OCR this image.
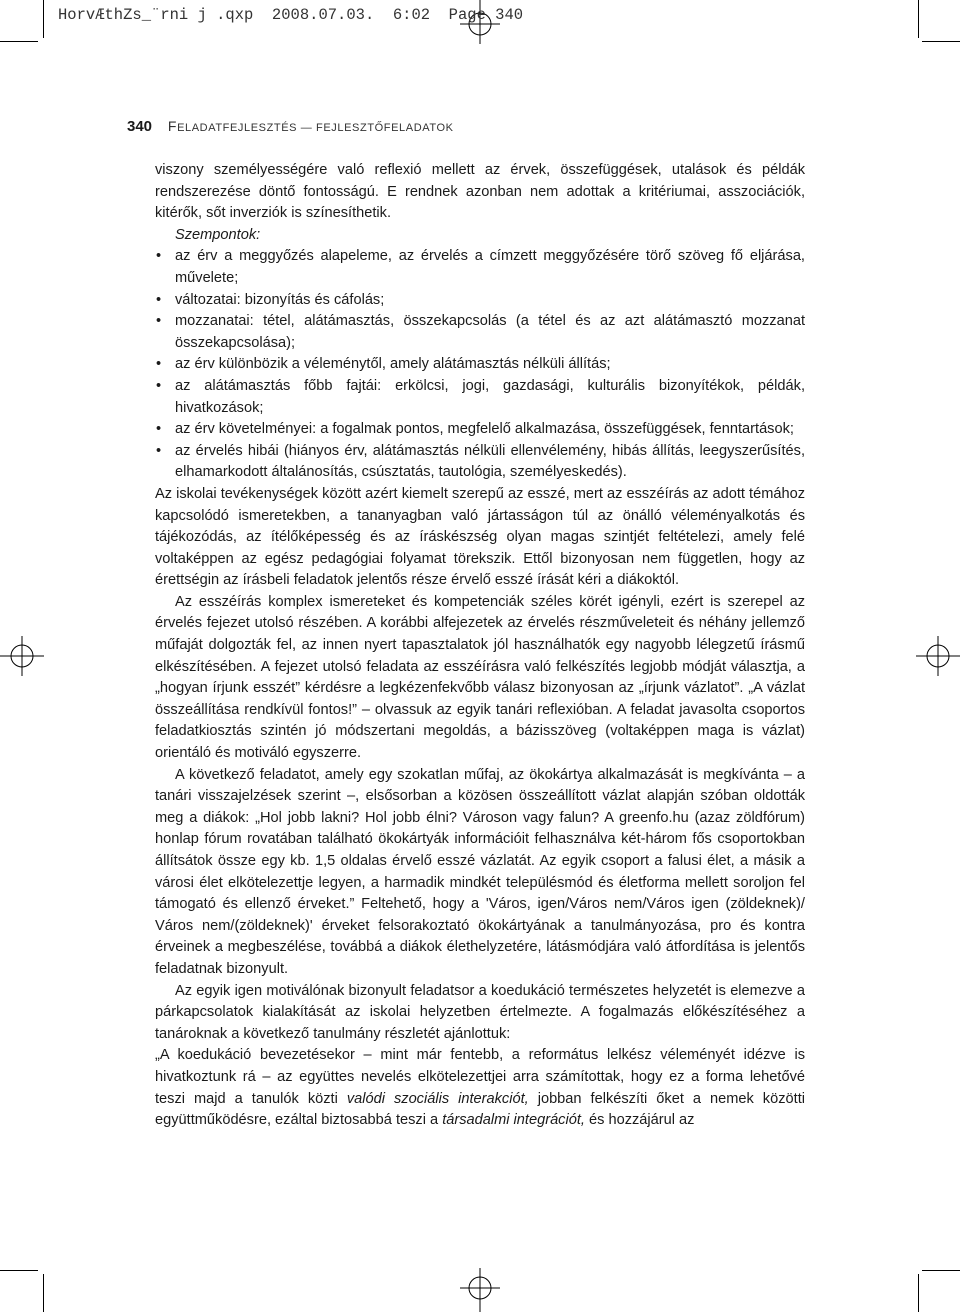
HorvÆthZs_¨rni j .qxp  2008.07.03.  6:02  Page 340
340 FELADATFEJLESZTÉS — FEJLESZTŐFELADATOK

viszony személyességére való reflexió mellett az érvek, összefüggések, utalások és példák rendszerezése döntő fontosságú. E rendnek azonban nem adottak a kritériumai, asszociációk, kitérők, sőt inverziók is színesíthetik.

Szempontok:

• az érv a meggyőzés alapeleme, az érvelés a címzett meggyőzésére törő szöveg fő eljárása, művelete;
• változatai: bizonyítás és cáfolás;
• mozzanatai: tétel, alátámasztás, összekapcsolás (a tétel és az azt alátámasztó mozzanat összekapcsolása);
• az érv különbözik a véleménytől, amely alátámasztás nélküli állítás;
• az alátámasztás főbb fajtái: erkölcsi, jogi, gazdasági, kulturális bizonyítékok, példák, hivatkozások;
• az érv követelményei: a fogalmak pontos, megfelelő alkalmazása, összefüggések, fenntartások;
• az érvelés hibái (hiányos érv, alátámasztás nélküli ellenvélemény, hibás állítás, leegyszerűsítés, elhamarkodott általánosítás, csúsztatás, tautológia, személyeskedés).

Az iskolai tevékenységek között azért kiemelt szerepű az esszé, mert az esszéírás az adott témához kapcsolódó ismeretekben, a tananyagban való jártasságon túl az önálló véleményalkotás és tájékozódás, az ítélőképesség és az íráskészség olyan magas szintjét feltételezi, amely felé voltaképpen az egész pedagógiai folyamat törekszik. Ettől bizonyosan nem független, hogy az érettségin az írásbeli feladatok jelentős része érvelő esszé írását kéri a diákoktól.

Az esszéírás komplex ismereteket és kompetenciák széles körét igényli, ezért is szerepel az érvelés fejezet utolsó részében. A korábbi alfejezetek az érvelés részműveleteit és néhány jellemző műfaját dolgozták fel, az innen nyert tapasztalatok jól használhatók egy nagyobb lélegzetű írásmű elkészítésében. A fejezet utolsó feladata az esszéírásra való felkészítés legjobb módját választja, a „hogyan írjunk esszét” kérdésre a legkézenfekvőbb válasz bizonyosan az „írjunk vázlatot”. „A vázlat összeállítása rendkívül fontos!” – olvassuk az egyik tanári reflexióban. A feladat javasolta csoportos feladatkiosztás szintén jó módszertani megoldás, a bázisszöveg (voltaképpen maga is vázlat) orientáló és motiváló egyszerre.

A következő feladatot, amely egy szokatlan műfaj, az ökokártya alkalmazását is megkívánta – a tanári visszajelzések szerint –, elsősorban a közösen összeállított vázlat alapján szóban oldották meg a diákok: „Hol jobb lakni? Hol jobb élni? Városon vagy falun? A greenfo.hu (azaz zöldfórum) honlap fórum rovatában található ökokártyák információit felhasználva két-három fős csoportokban állítsátok össze egy kb. 1,5 oldalas érvelő esszé vázlatát. Az egyik csoport a falusi élet, a másik a városi élet elkötelezettje legyen, a harmadik mindkét településmód és életforma mellett soroljon fel támogató és ellenző érveket.” Feltehető, hogy a 'Város, igen/Város nem/Város igen (zöldeknek)/ Város nem/(zöldeknek)' érveket felsorakoztató ökokártyának a tanulmányozása, pro és kontra érveinek a megbeszélése, továbbá a diákok élethelyzetére, látásmódjára való átfordítása is jelentős feladatnak bizonyult.

Az egyik igen motiválónak bizonyult feladatsor a koedukáció természetes helyzetét is elemezve a párkapcsolatok kialakítását az iskolai helyzetben értelmezte. A fogalmazás előkészítéséhez a tanároknak a következő tanulmány részletét ajánlottuk:

„A koedukáció bevezetésekor – mint már fentebb, a református lelkész véleményét idézve is hivatkoztunk rá – az együttes nevelés elkötelezettjei arra számítottak, hogy ez a forma lehetővé teszi majd a tanulók közti valódi szociális interakciót, jobban felkészíti őket a nemek közötti együttműködésre, ezáltal biztosabbá teszi a társadalmi integrációt, és hozzájárul az
